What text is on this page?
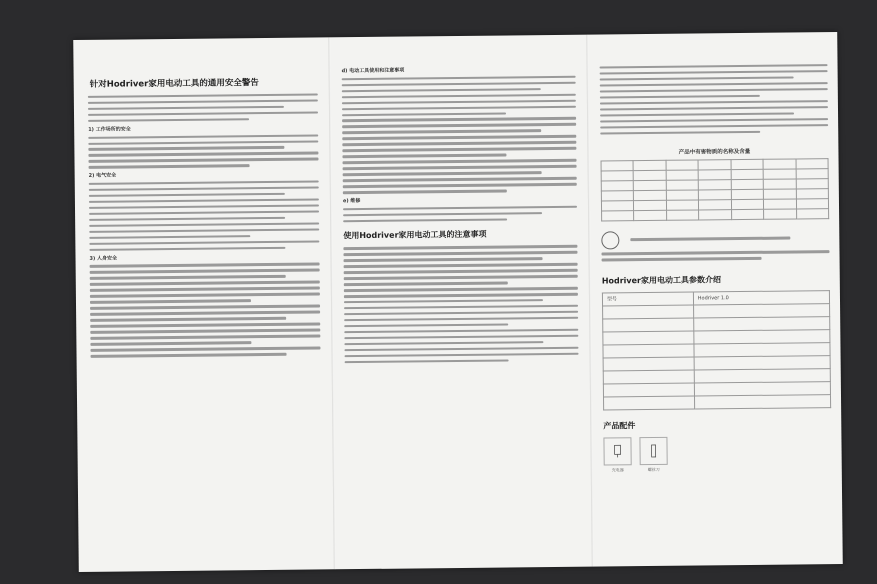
针对Hodriver家用电动工具的通用安全警告
1) 工作场所的安全
2) 电气安全
3) 人身安全
d) 电动工具使用和注意事项
e) 维修
使用Hodriver家用电动工具的注意事项
产品中有害物质的名称及含量

Hodriver家用电动工具参数介绍
型号	Hodriver 1.0

产品配件
充电器	螺丝刀
